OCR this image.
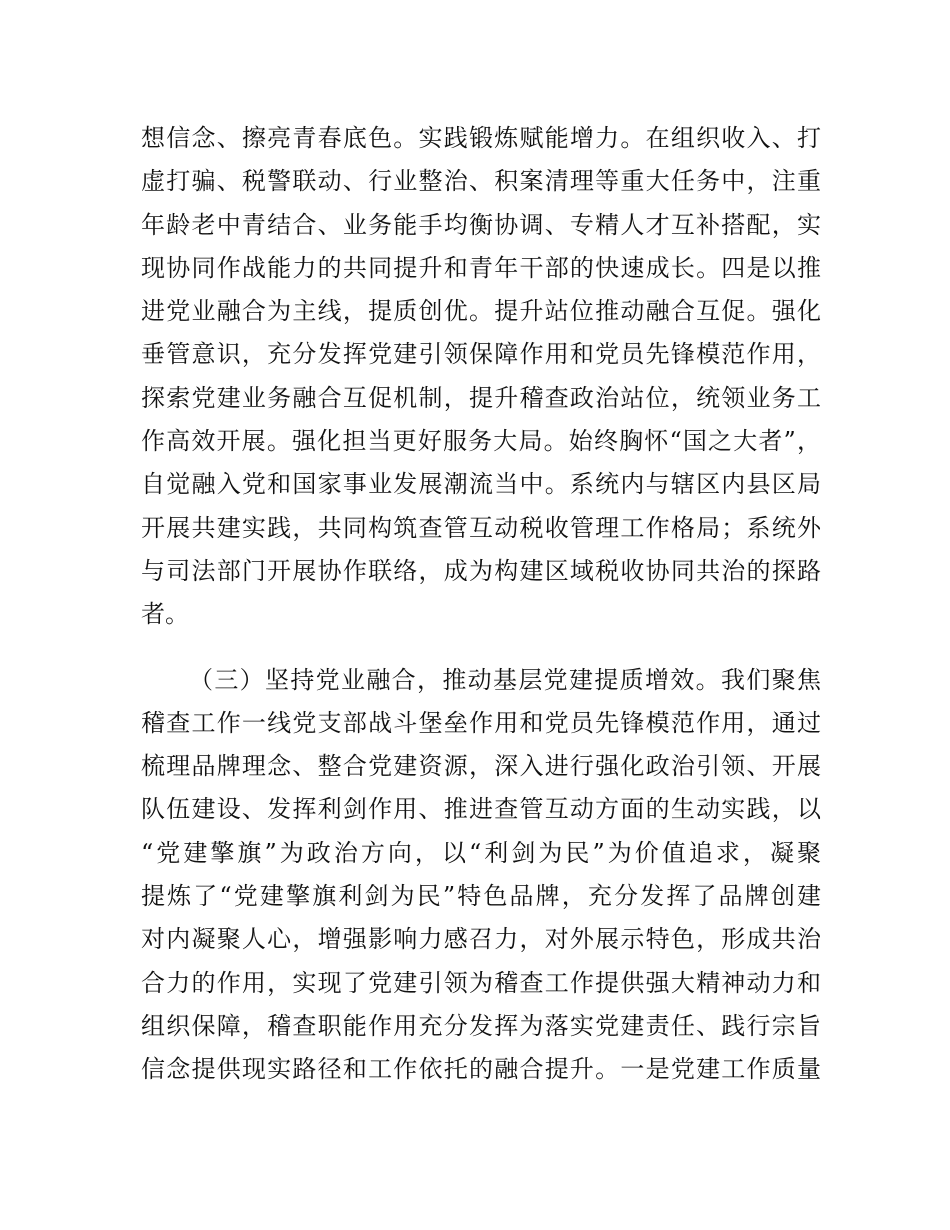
想信念、擦亮青春底色。实践锻炼赋能增力。在组织收入、打
虚打骗、税警联动、行业整治、积案清理等重大任务中，注重
年龄老中青结合、业务能手均衡协调、专精人才互补搭配，实
现协同作战能力的共同提升和青年干部的快速成长。四是以推
进党业融合为主线，提质创优。提升站位推动融合互促。强化
垂管意识，充分发挥党建引领保障作用和党员先锋模范作用，
探索党建业务融合互促机制，提升稽查政治站位，统领业务工
作高效开展。强化担当更好服务大局。始终胸怀“国之大者”，
自觉融入党和国家事业发展潮流当中。系统内与辖区内县区局
开展共建实践，共同构筑查管互动税收管理工作格局；系统外
与司法部门开展协作联络，成为构建区域税收协同共治的探路
者。
（三）坚持党业融合，推动基层党建提质增效。我们聚焦
稽查工作一线党支部战斗堡垒作用和党员先锋模范作用，通过
梳理品牌理念、整合党建资源，深入进行强化政治引领、开展
队伍建设、发挥利剑作用、推进查管互动方面的生动实践，以
“党建擎旗”为政治方向，以“利剑为民”为价值追求，凝聚
提炼了“党建擎旗利剑为民”特色品牌，充分发挥了品牌创建
对内凝聚人心，增强影响力感召力，对外展示特色，形成共治
合力的作用，实现了党建引领为稽查工作提供强大精神动力和
组织保障，稽查职能作用充分发挥为落实党建责任、践行宗旨
信念提供现实路径和工作依托的融合提升。一是党建工作质量
